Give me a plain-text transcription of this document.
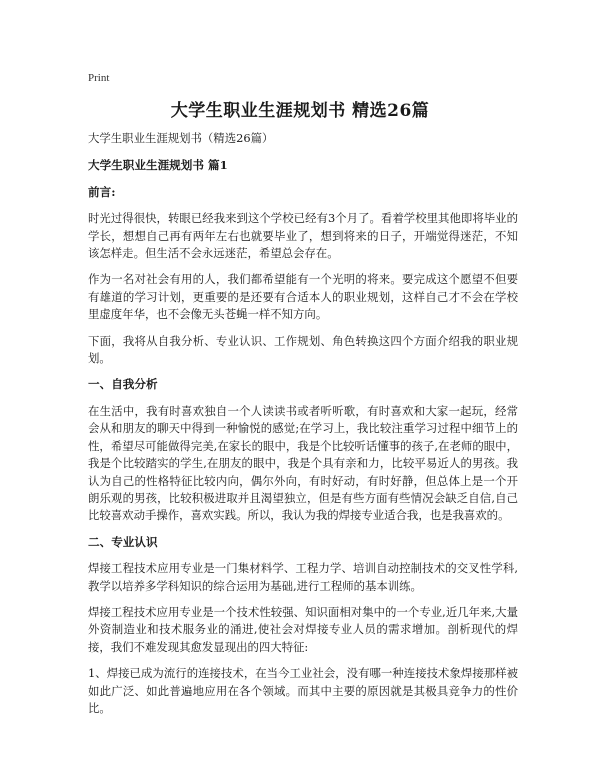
Print
大学生职业生涯规划书 精选26篇

大学生职业生涯规划书（精选26篇）

大学生职业生涯规划书 篇1

前言:

时光过得很快，转眼已经我来到这个学校已经有3个月了。看着学校里其他即将毕业的学长，想想自己再有两年左右也就要毕业了，想到将来的日子，开端觉得迷茫，不知该怎样走。但生活不会永远迷茫，希望总会存在。

作为一名对社会有用的人，我们都希望能有一个光明的将来。要完成这个愿望不但要有雄道的学习计划，更重要的是还要有合适本人的职业规划，这样自己才不会在学校里虚度年华，也不会像无头苍蝇一样不知方向。

下面，我将从自我分析、专业认识、工作规划、角色转换这四个方面介绍我的职业规划。

一、自我分析

在生活中，我有时喜欢独自一个人读读书或者听听歌，有时喜欢和大家一起玩，经常会从和朋友的聊天中得到一种愉悦的感觉;在学习上，我比较注重学习过程中细节上的性，希望尽可能做得完美,在家长的眼中，我是个比较听话懂事的孩子,在老师的眼中，我是个比较踏实的学生,在朋友的眼中，我是个具有亲和力，比较平易近人的男孩。我认为自己的性格特征比较内向，偶尔外向，有时好动，有时好静，但总体上是一个开朗乐观的男孩，比较积极进取并且渴望独立，但是有些方面有些情况会缺乏自信,自己比较喜欢动手操作，喜欢实践。所以，我认为我的焊接专业适合我，也是我喜欢的。

二、专业认识

焊接工程技术应用专业是一门集材料学、工程力学、培训自动控制技术的交叉性学科,教学以培养多学科知识的综合运用为基础,进行工程师的基本训练。

焊接工程技术应用专业是一个技术性较强、知识面相对集中的一个专业,近几年来,大量外资制造业和技术服务业的涌进,使社会对焊接专业人员的需求增加。剖析现代的焊接，我们不难发现其愈发显现出的四大特征:

1、焊接已成为流行的连接技术，在当今工业社会，没有哪一种连接技术象焊接那样被如此广泛、如此普遍地应用在各个领域。而其中主要的原因就是其极具竞争力的性价比。
